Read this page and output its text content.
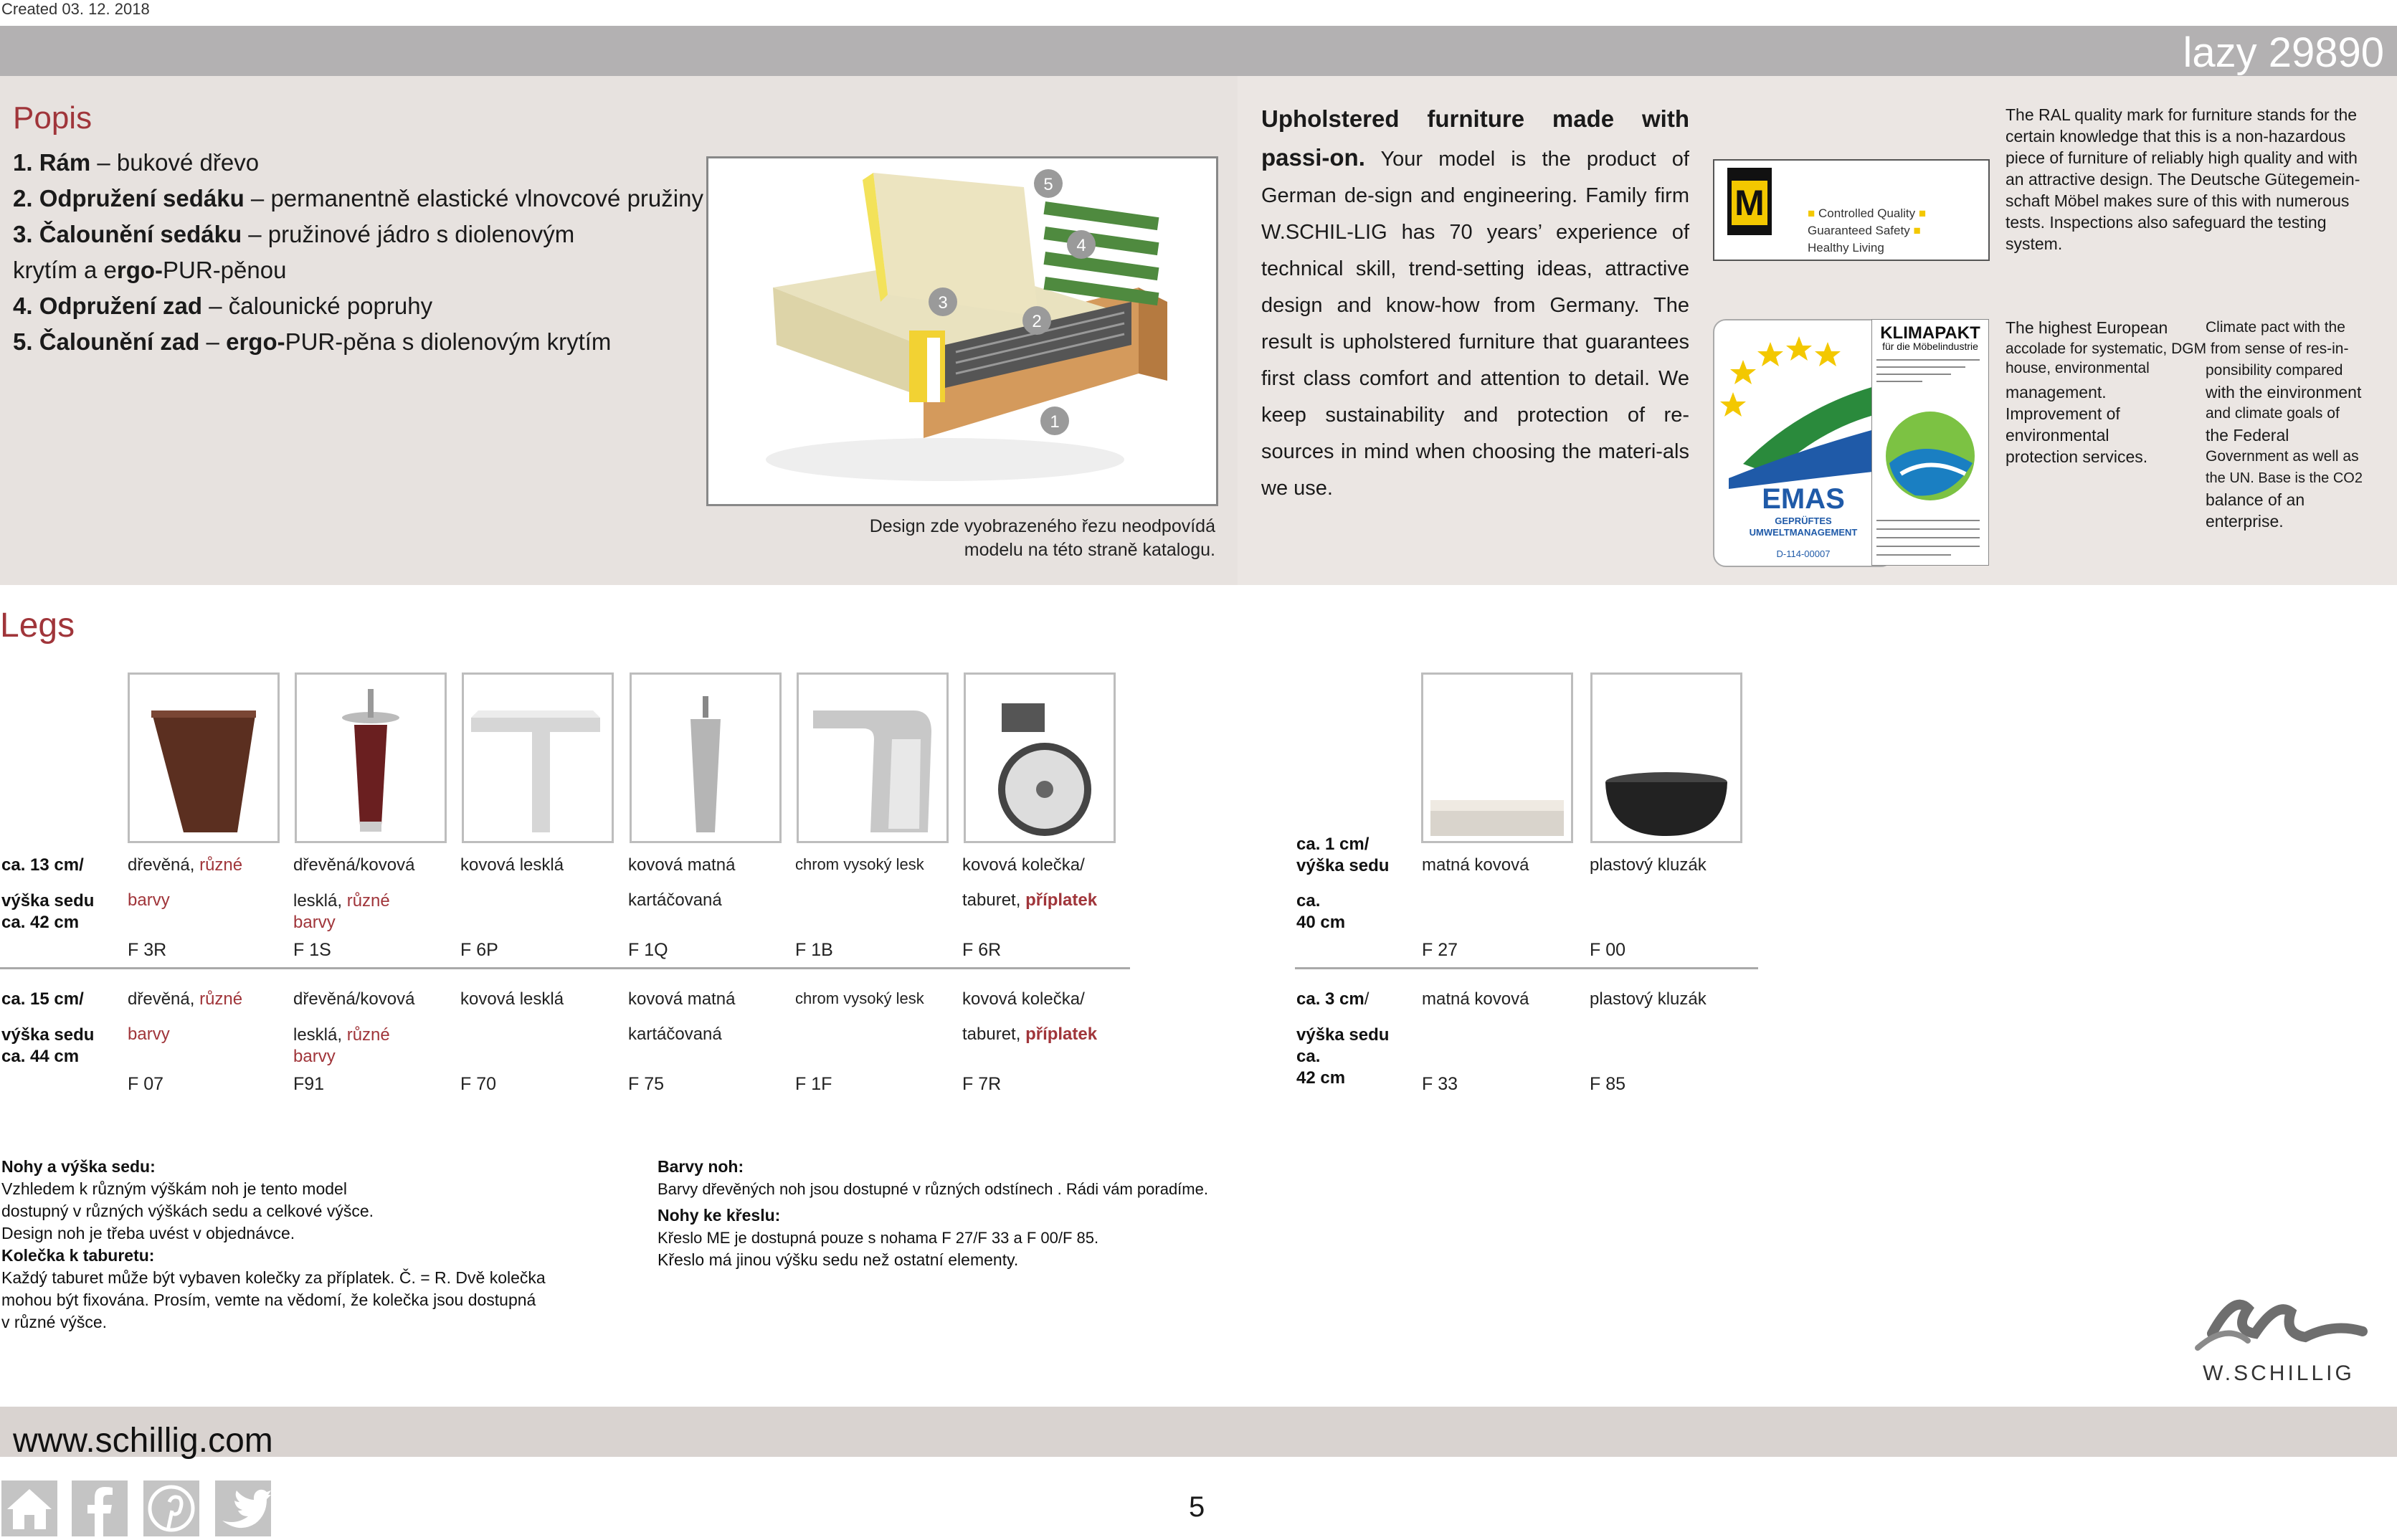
Created 03. 12. 2018
lazy 29890
Popis
1. Rám – bukové dřevo
2. Odpružení sedáku – permanentně elastické vlnovcové pružiny
3. Čalounění sedáku – pružinové jádro s diolenovým
krytím a ergo-PUR-pěnou
4. Odpružení zad – čalounické popruhy
5. Čalounění zad – ergo-PUR-pěna s diolenovým krytím
1
2
3
4
5
Design zde vyobrazeného řezu neodpovídá
modelu na této straně katalogu.
Upholstered furniture made with passi-on. Your model is the product of German de-sign and engineering. Family firm W.SCHIL-LIG has 70 years’ experience of technical skill, trend-setting ideas, attractive design and know-how from Germany. The result is upholstered furniture that guarantees first class comfort and attention to detail. We keep sustainability and protection of re-sources in mind when choosing the materi-als we use.
M	■ Controlled Quality ■
Guaranteed Safety ■
Healthy Living
The RAL quality mark for furniture stands for the certain knowledge that this is a non-hazardous piece of furniture of reliably high quality and with an attractive design. The Deutsche Gütegemein-schaft Möbel makes sure of this with numerous tests. Inspections also safeguard the testing system.
EMAS
GEPRÜFTES
UMWELTMANAGEMENT
D-114-00007
KLIMAPAKT
für die Möbelindustrie
The highest European
accolade for systematic, DGM from sense of res-in-
management.
Improvement of
environmental
protection services.
house, environmental
Climate pact with the
ponsibility compared
with the einvironment
and climate goals of
the Federal
Government as well as
the UN. Base is the CO2
balance of an
enterprise.
Legs
ca. 13 cm/
výška sedu
ca. 42 cm
dřevěná, různé
barvy
F 3R
dřevěná/kovová
lesklá, různé
barvy
F 1S
kovová lesklá
F 6P
kovová matná
kartáčovaná
F 1Q
chrom vysoký lesk
F 1B
kovová kolečka/
taburet, příplatek
F 6R
ca. 15 cm/
výška sedu
ca. 44 cm
dřevěná, různé
barvy
F 07
dřevěná/kovová
lesklá, různé
barvy
F91
kovová lesklá
F 70
kovová matná
kartáčovaná
F 75
chrom vysoký lesk
F 1F
kovová kolečka/
taburet, příplatek
F 7R
ca. 1 cm/
výška sedu
ca.
40 cm
matná kovová
F 27
plastový kluzák
F 00
ca. 3 cm/
výška sedu
ca.
42 cm
matná kovová
F 33
plastový kluzák
F 85
Nohy a výška sedu:
Vzhledem k různým výškám noh je tento model
dostupný v různých výškách sedu a celkové výšce.
Design noh je třeba uvést v objednávce.
Kolečka k taburetu:
Každý taburet může být vybaven kolečky za příplatek. Č. = R. Dvě kolečka
mohou být fixována. Prosím, vemte na vědomí, že kolečka jsou dostupná
v různé výšce.
Barvy noh:
Barvy dřevěných noh jsou dostupné v různých odstínech . Rádi vám poradíme.
Nohy ke křeslu:
Křeslo ME je dostupná pouze s nohama F 27/F 33 a F 00/F 85.
Křeslo má jinou výšku sedu než ostatní elementy.
W.SCHILLIG
www.schillig.com
5
